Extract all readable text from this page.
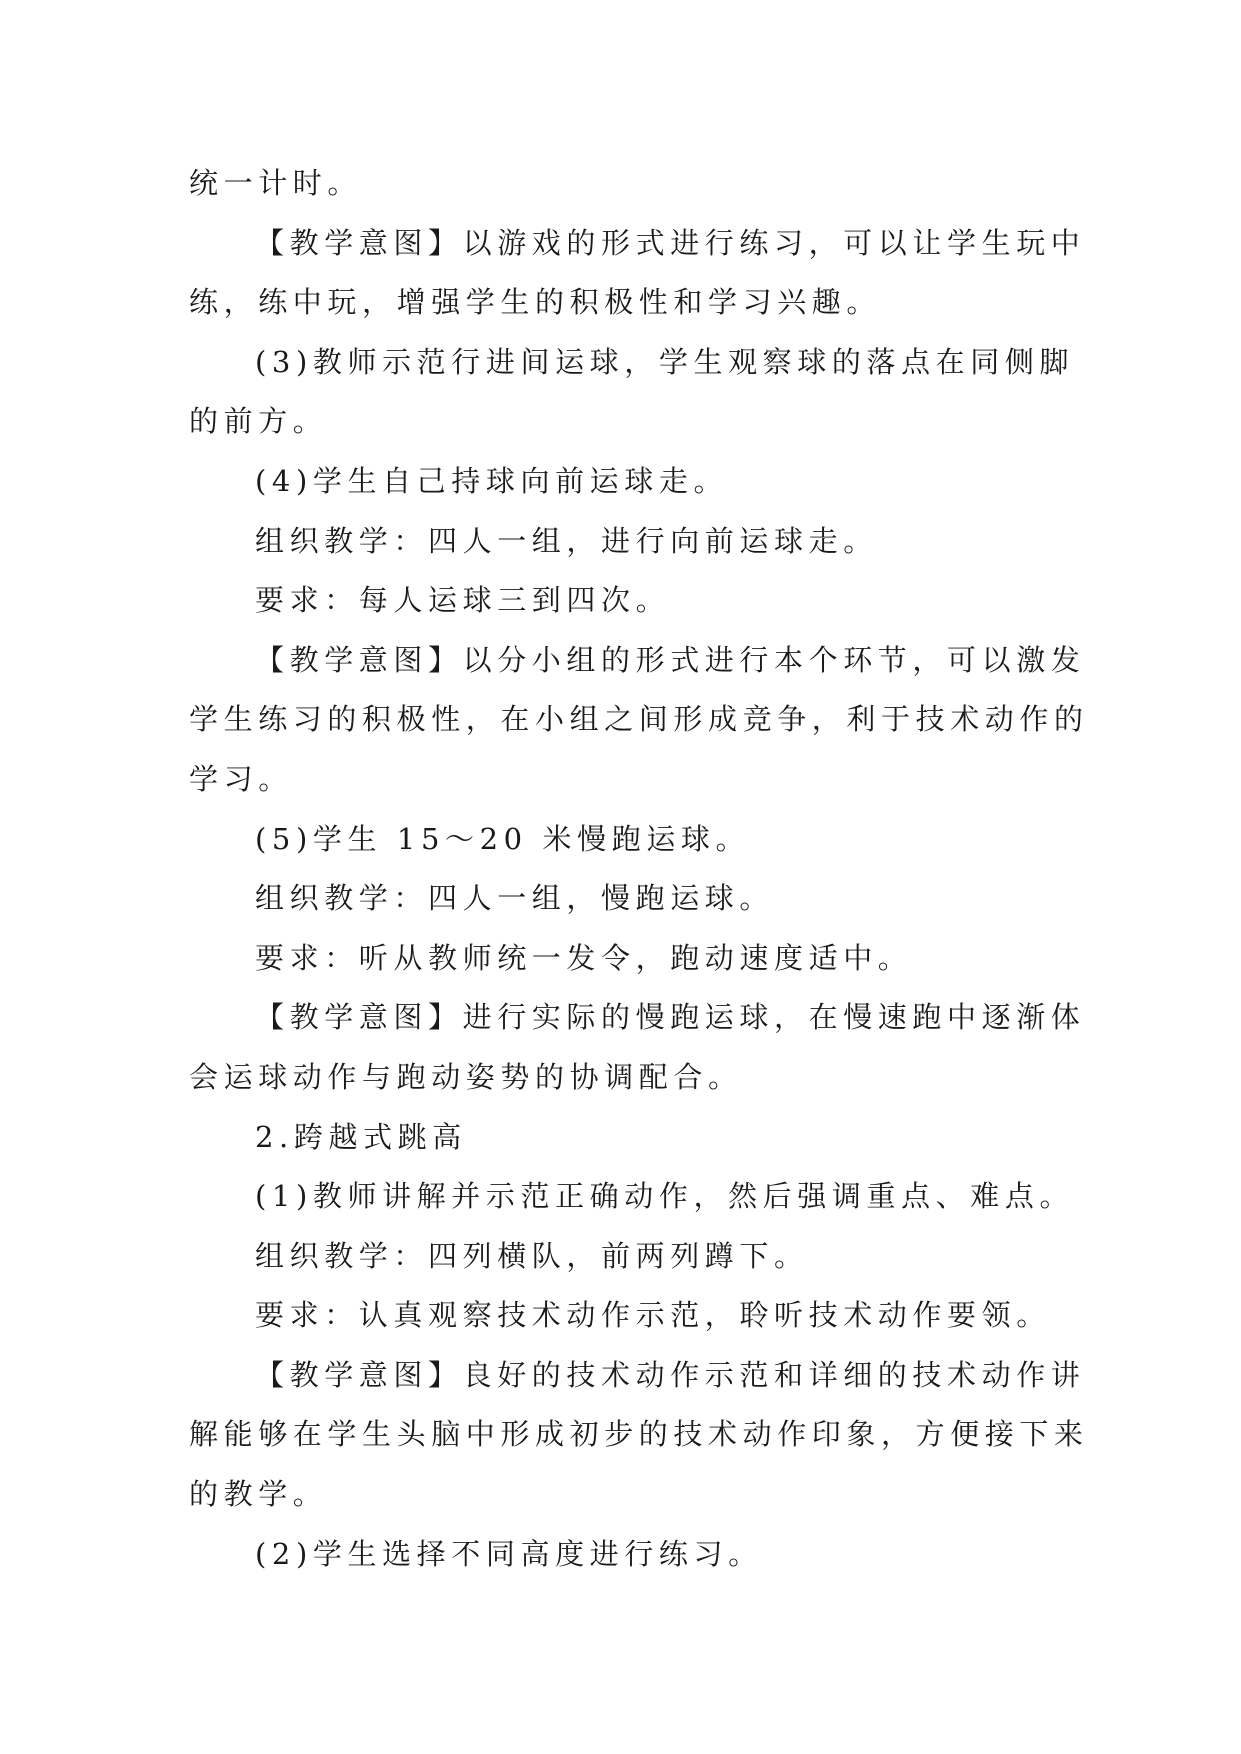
统一计时。
【教学意图】以游戏的形式进行练习，可以让学生玩中
练，练中玩，增强学生的积极性和学习兴趣。
(3)教师示范行进间运球，学生观察球的落点在同侧脚
的前方。
(4)学生自己持球向前运球走。
组织教学：四人一组，进行向前运球走。
要求：每人运球三到四次。
【教学意图】以分小组的形式进行本个环节，可以激发
学生练习的积极性，在小组之间形成竞争，利于技术动作的
学习。
(5)学生 15～20 米慢跑运球。
组织教学：四人一组，慢跑运球。
要求：听从教师统一发令，跑动速度适中。
【教学意图】进行实际的慢跑运球，在慢速跑中逐渐体
会运球动作与跑动姿势的协调配合。
2.跨越式跳高
(1)教师讲解并示范正确动作，然后强调重点、难点。
组织教学：四列横队，前两列蹲下。
要求：认真观察技术动作示范，聆听技术动作要领。
【教学意图】良好的技术动作示范和详细的技术动作讲
解能够在学生头脑中形成初步的技术动作印象，方便接下来
的教学。
(2)学生选择不同高度进行练习。
